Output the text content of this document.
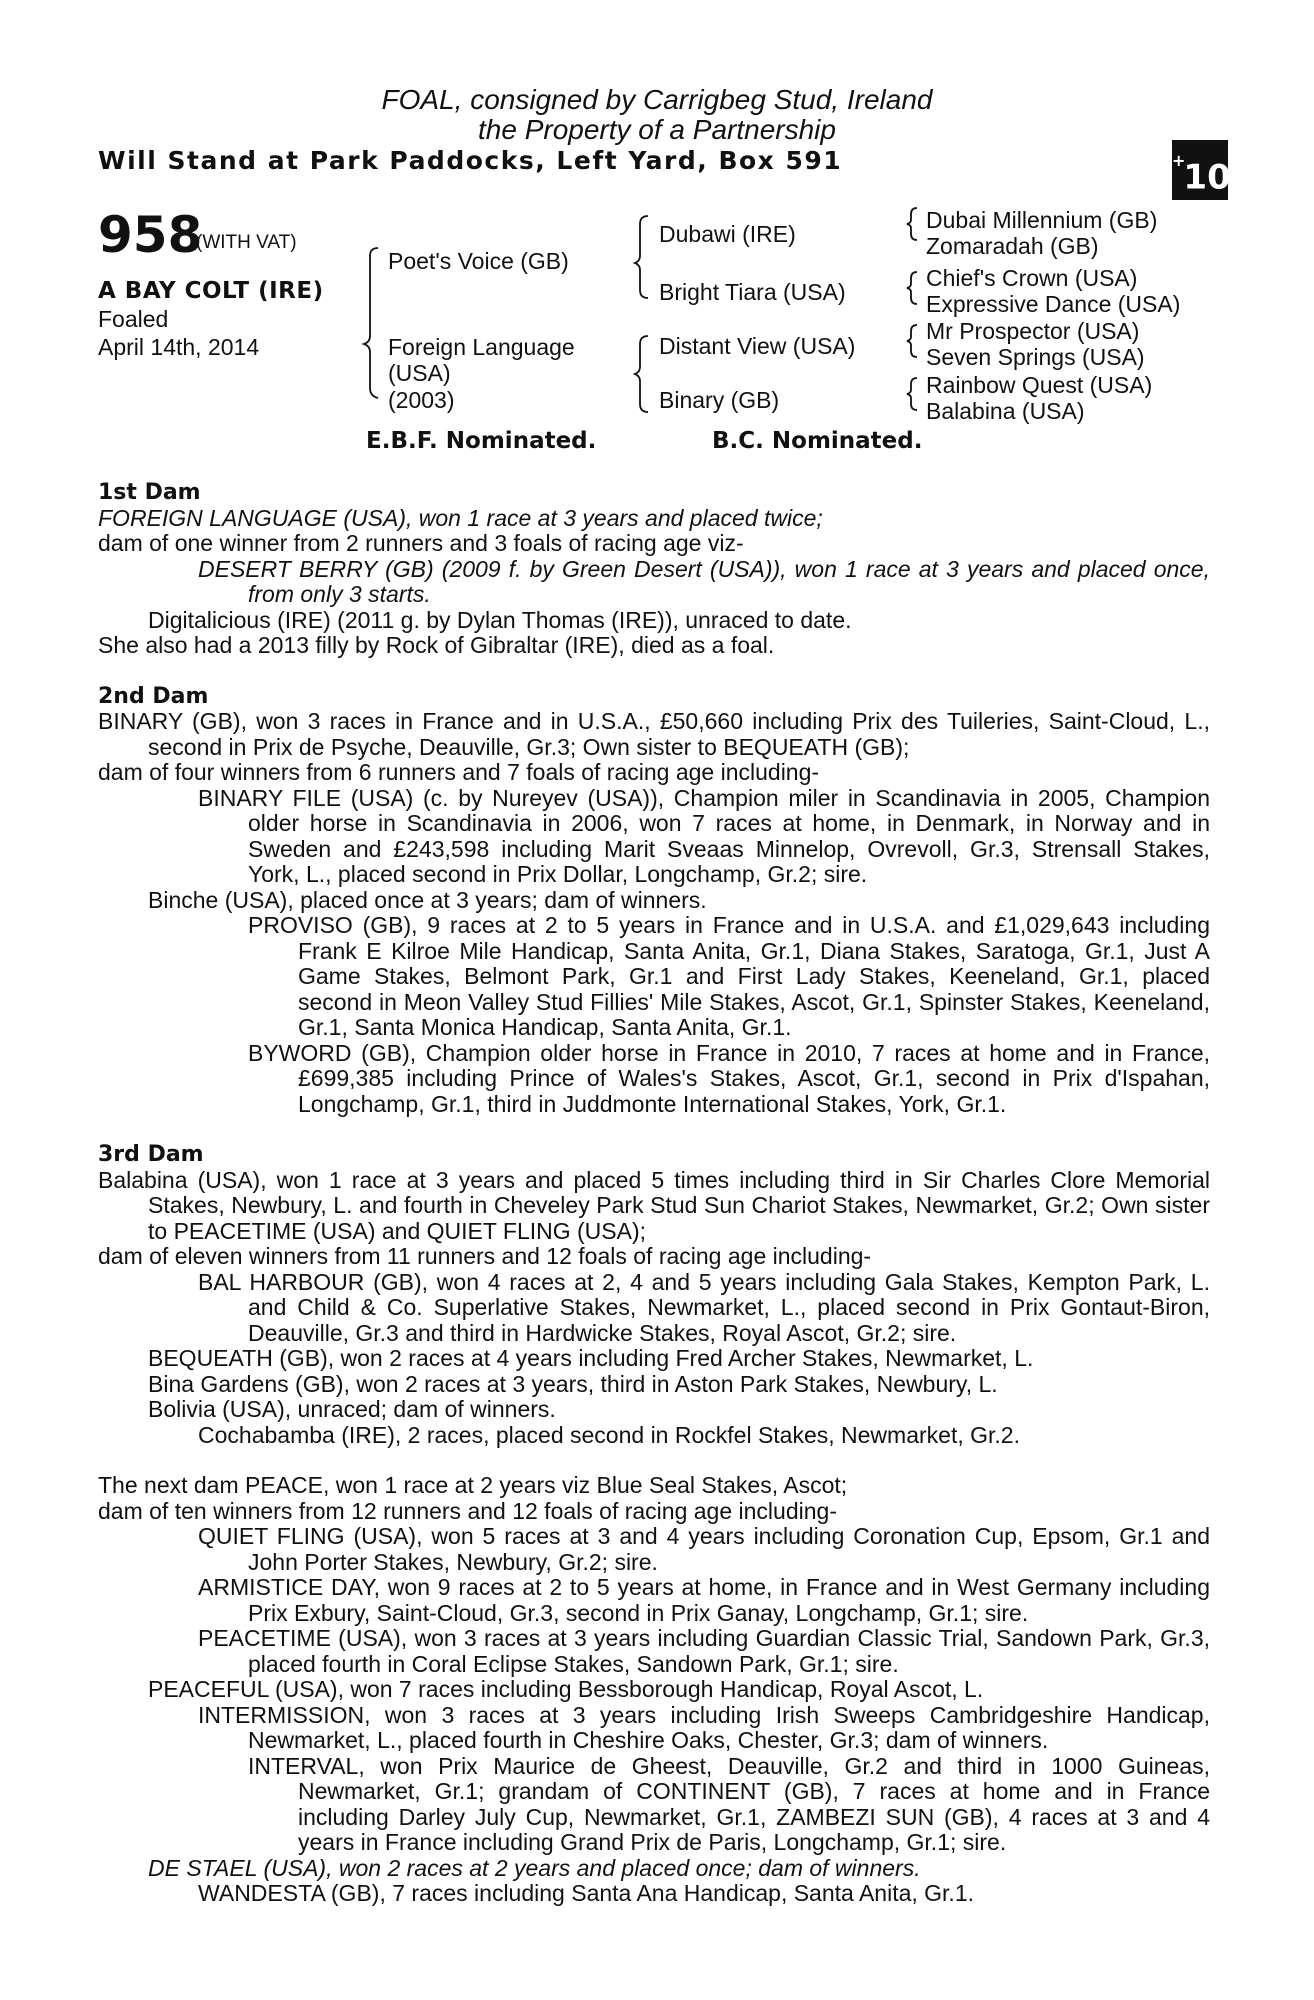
FOAL, consigned by Carrigbeg Stud, Ireland
the Property of a Partnership
Will Stand at Park Paddocks, Left Yard, Box 591	+10
958
(WITH VAT)
A BAY COLT (IRE)
Foaled
April 14th, 2014
Poet's Voice (GB)
Foreign Language
(USA)
(2003)
Dubawi (IRE)
Bright Tiara (USA)
Distant View (USA)
Binary (GB)
Dubai Millennium (GB)
Zomaradah (GB)
Chief's Crown (USA)
Expressive Dance (USA)
Mr Prospector (USA)
Seven Springs (USA)
Rainbow Quest (USA)
Balabina (USA)
E.B.F. Nominated.	B.C. Nominated.

1st Dam

FOREIGN LANGUAGE (USA), won 1 race at 3 years and placed twice;

dam of one winner from 2 runners and 3 foals of racing age viz-

DESERT BERRY (GB) (2009 f. by Green Desert (USA)), won 1 race at 3 years and placed once, from only 3 starts.

Digitalicious (IRE) (2011 g. by Dylan Thomas (IRE)), unraced to date.

She also had a 2013 filly by Rock of Gibraltar (IRE), died as a foal.

2nd Dam

BINARY (GB), won 3 races in France and in U.S.A., £50,660 including Prix des Tuileries, Saint-Cloud, L., second in Prix de Psyche, Deauville, Gr.3; Own sister to BEQUEATH (GB);

dam of four winners from 6 runners and 7 foals of racing age including-

BINARY FILE (USA) (c. by Nureyev (USA)), Champion miler in Scandinavia in 2005, Champion older horse in Scandinavia in 2006, won 7 races at home, in Denmark, in Norway and in Sweden and £243,598 including Marit Sveaas Minnelop, Ovrevoll, Gr.3, Strensall Stakes, York, L., placed second in Prix Dollar, Longchamp, Gr.2; sire.

Binche (USA), placed once at 3 years; dam of winners.

PROVISO (GB), 9 races at 2 to 5 years in France and in U.S.A. and £1,029,643 including Frank E Kilroe Mile Handicap, Santa Anita, Gr.1, Diana Stakes, Saratoga, Gr.1, Just A Game Stakes, Belmont Park, Gr.1 and First Lady Stakes, Keeneland, Gr.1, placed second in Meon Valley Stud Fillies' Mile Stakes, Ascot, Gr.1, Spinster Stakes, Keeneland, Gr.1, Santa Monica Handicap, Santa Anita, Gr.1.

BYWORD (GB), Champion older horse in France in 2010, 7 races at home and in France, £699,385 including Prince of Wales's Stakes, Ascot, Gr.1, second in Prix d'Ispahan, Longchamp, Gr.1, third in Juddmonte International Stakes, York, Gr.1.

3rd Dam

Balabina (USA), won 1 race at 3 years and placed 5 times including third in Sir Charles Clore Memorial Stakes, Newbury, L. and fourth in Cheveley Park Stud Sun Chariot Stakes, Newmarket, Gr.2; Own sister to PEACETIME (USA) and QUIET FLING (USA);

dam of eleven winners from 11 runners and 12 foals of racing age including-

BAL HARBOUR (GB), won 4 races at 2, 4 and 5 years including Gala Stakes, Kempton Park, L. and Child & Co. Superlative Stakes, Newmarket, L., placed second in Prix Gontaut-Biron, Deauville, Gr.3 and third in Hardwicke Stakes, Royal Ascot, Gr.2; sire.

BEQUEATH (GB), won 2 races at 4 years including Fred Archer Stakes, Newmarket, L.

Bina Gardens (GB), won 2 races at 3 years, third in Aston Park Stakes, Newbury, L.

Bolivia (USA), unraced; dam of winners.

Cochabamba (IRE), 2 races, placed second in Rockfel Stakes, Newmarket, Gr.2.

The next dam PEACE, won 1 race at 2 years viz Blue Seal Stakes, Ascot;

dam of ten winners from 12 runners and 12 foals of racing age including-

QUIET FLING (USA), won 5 races at 3 and 4 years including Coronation Cup, Epsom, Gr.1 and John Porter Stakes, Newbury, Gr.2; sire.

ARMISTICE DAY, won 9 races at 2 to 5 years at home, in France and in West Germany including Prix Exbury, Saint-Cloud, Gr.3, second in Prix Ganay, Longchamp, Gr.1; sire.

PEACETIME (USA), won 3 races at 3 years including Guardian Classic Trial, Sandown Park, Gr.3, placed fourth in Coral Eclipse Stakes, Sandown Park, Gr.1; sire.

PEACEFUL (USA), won 7 races including Bessborough Handicap, Royal Ascot, L.

INTERMISSION, won 3 races at 3 years including Irish Sweeps Cambridgeshire Handicap, Newmarket, L., placed fourth in Cheshire Oaks, Chester, Gr.3; dam of winners.

INTERVAL, won Prix Maurice de Gheest, Deauville, Gr.2 and third in 1000 Guineas, Newmarket, Gr.1; grandam of CONTINENT (GB), 7 races at home and in France including Darley July Cup, Newmarket, Gr.1, ZAMBEZI SUN (GB), 4 races at 3 and 4 years in France including Grand Prix de Paris, Longchamp, Gr.1; sire.

DE STAEL (USA), won 2 races at 2 years and placed once; dam of winners.

WANDESTA (GB), 7 races including Santa Ana Handicap, Santa Anita, Gr.1.
